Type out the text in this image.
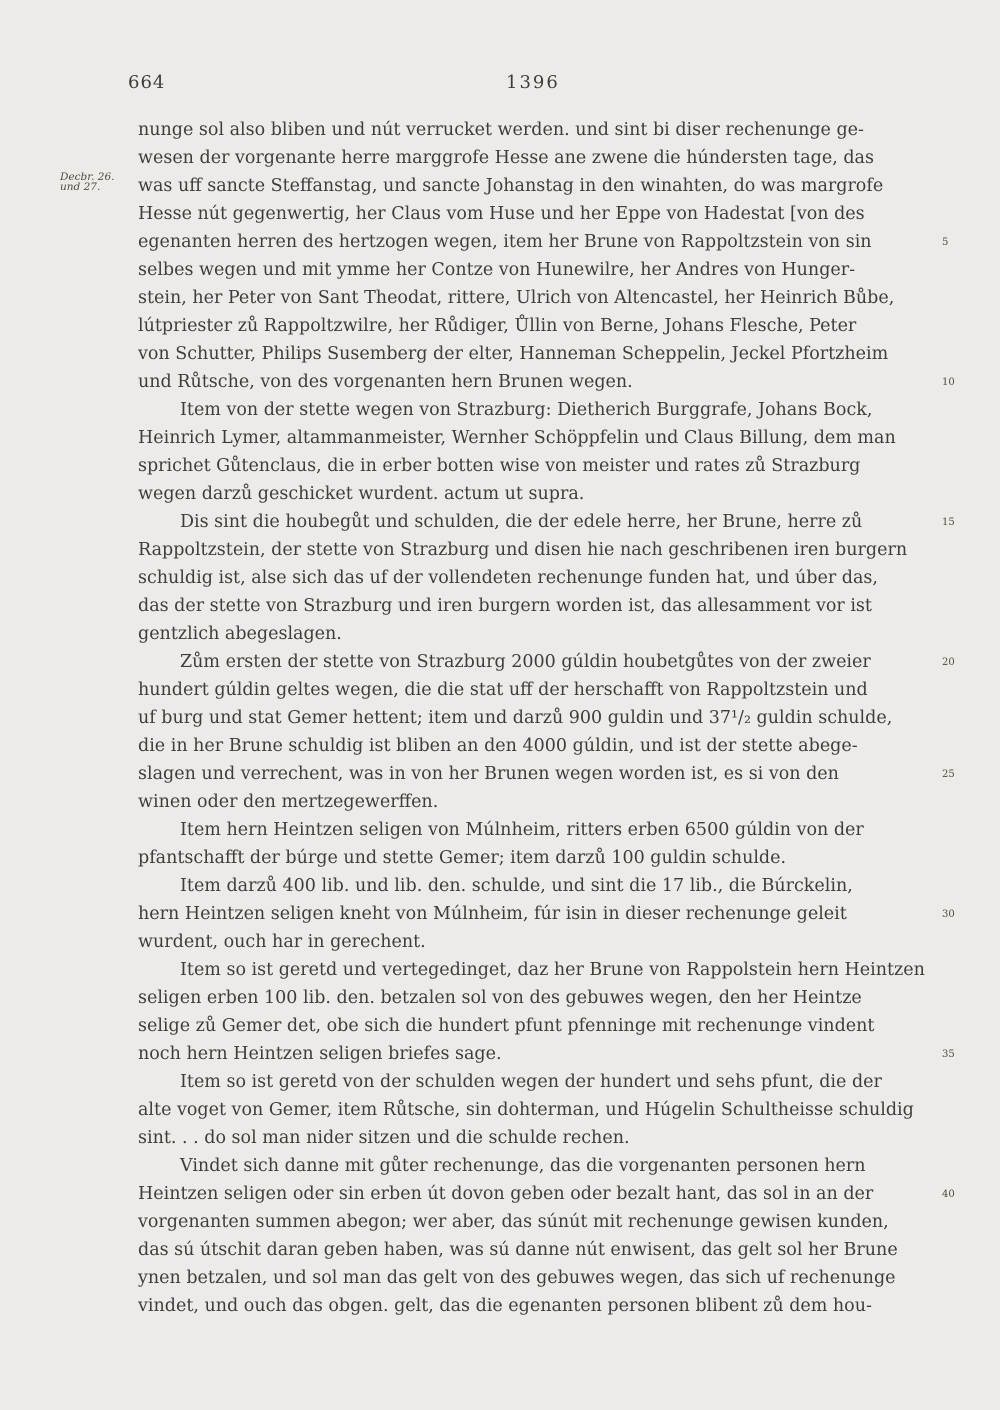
664	1396
Decbr. 26.
und 27.
nunge sol also bliben und nút verrucket werden. und sint bi diser rechenunge ge-
wesen der vorgenante herre marggrofe Hesse ane zwene die húndersten tage, das
was uff sancte Steffanstag, und sancte Johanstag in den winahten, do was margrofe
Hesse nút gegenwertig, her Claus vom Huse und her Eppe von Hadestat [von des
egenanten herren des hertzogen wegen, item her Brune von Rappoltzstein von sin
selbes wegen und mit ymme her Contze von Hunewilre, her Andres von Hunger-
stein, her Peter von Sant Theodat, rittere, Ulrich von Altencastel, her Heinrich Bůbe,
lútpriester zů Rappoltzwilre, her Růdiger, Ůllin von Berne, Johans Flesche, Peter
von Schutter, Philips Susemberg der elter, Hanneman Scheppelin, Jeckel Pfortzheim
und Růtsche, von des vorgenanten hern Brunen wegen.
Item von der stette wegen von Strazburg: Dietherich Burggrafe, Johans Bock,
Heinrich Lymer, altammanmeister, Wernher Schöppfelin und Claus Billung, dem man
sprichet Gůtenclaus, die in erber botten wise von meister und rates zů Strazburg
wegen darzů geschicket wurdent. actum ut supra.
Dis sint die houbegůt und schulden, die der edele herre, her Brune, herre zů
Rappoltzstein, der stette von Strazburg und disen hie nach geschribenen iren burgern
schuldig ist, alse sich das uf der vollendeten rechenunge funden hat, und úber das,
das der stette von Strazburg und iren burgern worden ist, das allesamment vor ist
gentzlich abegeslagen.
Zům ersten der stette von Strazburg 2000 gúldin houbetgůtes von der zweier
hundert gúldin geltes wegen, die die stat uff der herschafft von Rappoltzstein und
uf burg und stat Gemer hettent; item und darzů 900 guldin und 37¹/₂ guldin schulde,
die in her Brune schuldig ist bliben an den 4000 gúldin, und ist der stette abege-
slagen und verrechent, was in von her Brunen wegen worden ist, es si von den
winen oder den mertzegewerffen.
Item hern Heintzen seligen von Múlnheim, ritters erben 6500 gúldin von der
pfantschafft der búrge und stette Gemer; item darzů 100 guldin schulde.
Item darzů 400 lib. und lib. den. schulde, und sint die 17 lib., die Búrckelin,
hern Heintzen seligen kneht von Múlnheim, fúr isin in dieser rechenunge geleit
wurdent, ouch har in gerechent.
Item so ist geretd und vertegedinget, daz her Brune von Rappolstein hern Heintzen
seligen erben 100 lib. den. betzalen sol von des gebuwes wegen, den her Heintze
selige zů Gemer det, obe sich die hundert pfunt pfenninge mit rechenunge vindent
noch hern Heintzen seligen briefes sage.
Item so ist geretd von der schulden wegen der hundert und sehs pfunt, die der
alte voget von Gemer, item Růtsche, sin dohterman, und Húgelin Schultheisse schuldig
sint. . . do sol man nider sitzen und die schulde rechen.
Vindet sich danne mit gůter rechenunge, das die vorgenanten personen hern
Heintzen seligen oder sin erben út dovon geben oder bezalt hant, das sol in an der
vorgenanten summen abegon; wer aber, das súnút mit rechenunge gewisen kunden,
das sú útschit daran geben haben, was sú danne nút enwisent, das gelt sol her Brune
ynen betzalen, und sol man das gelt von des gebuwes wegen, das sich uf rechenunge
vindet, und ouch das obgen. gelt, das die egenanten personen blibent zů dem hou-
5
10
15
20
25
30
35
40
